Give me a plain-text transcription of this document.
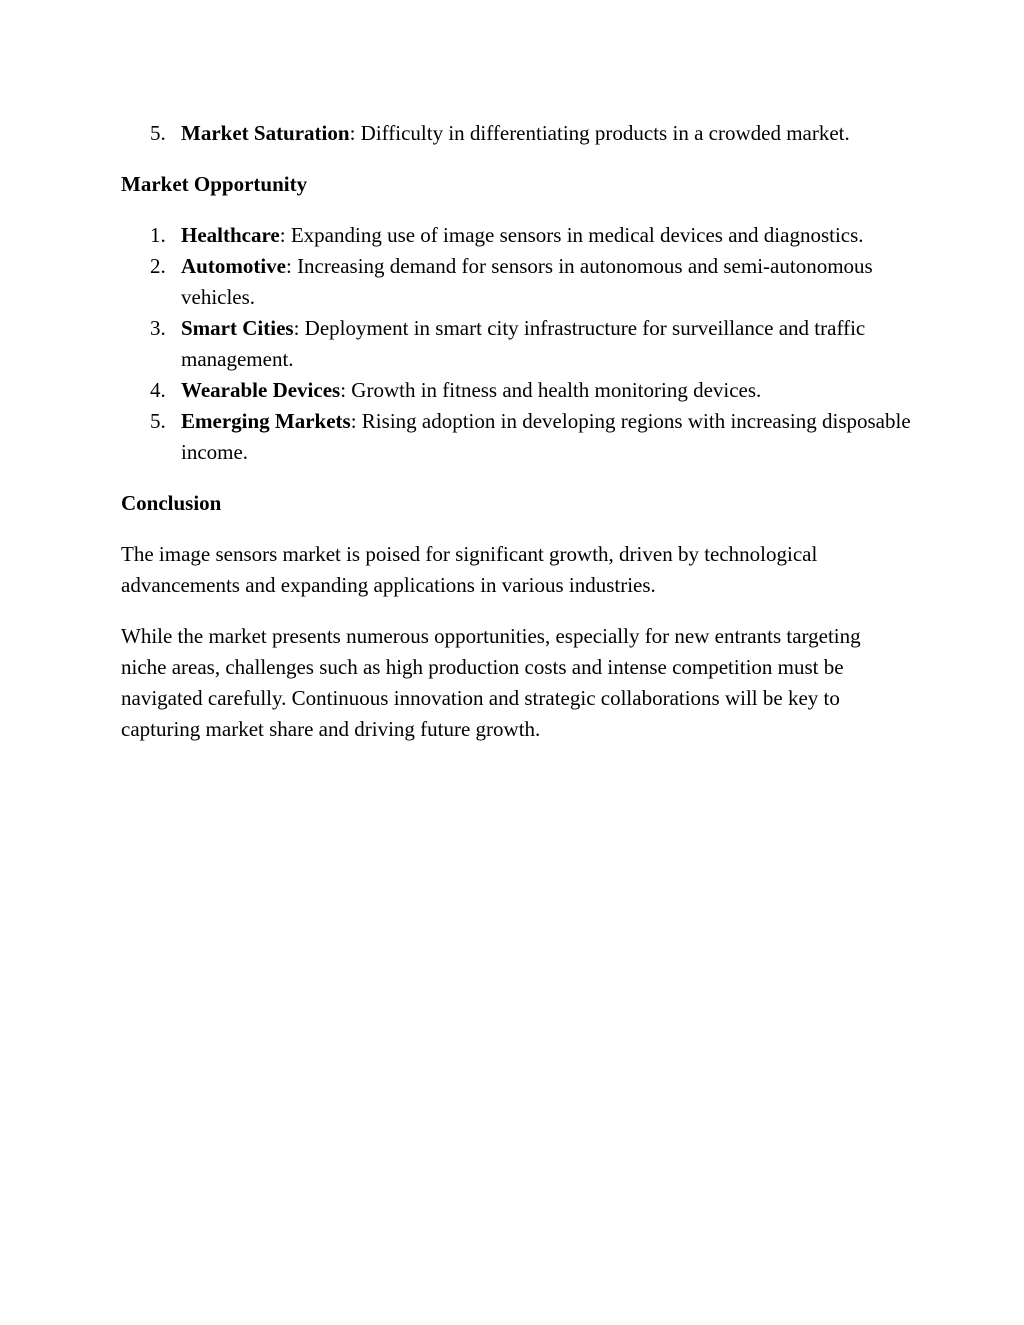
5. Market Saturation: Difficulty in differentiating products in a crowded market.
Market Opportunity
1. Healthcare: Expanding use of image sensors in medical devices and diagnostics.
2. Automotive: Increasing demand for sensors in autonomous and semi-autonomous vehicles.
3. Smart Cities: Deployment in smart city infrastructure for surveillance and traffic management.
4. Wearable Devices: Growth in fitness and health monitoring devices.
5. Emerging Markets: Rising adoption in developing regions with increasing disposable income.
Conclusion

The image sensors market is poised for significant growth, driven by technological advancements and expanding applications in various industries.

While the market presents numerous opportunities, especially for new entrants targeting niche areas, challenges such as high production costs and intense competition must be navigated carefully. Continuous innovation and strategic collaborations will be key to capturing market share and driving future growth.
